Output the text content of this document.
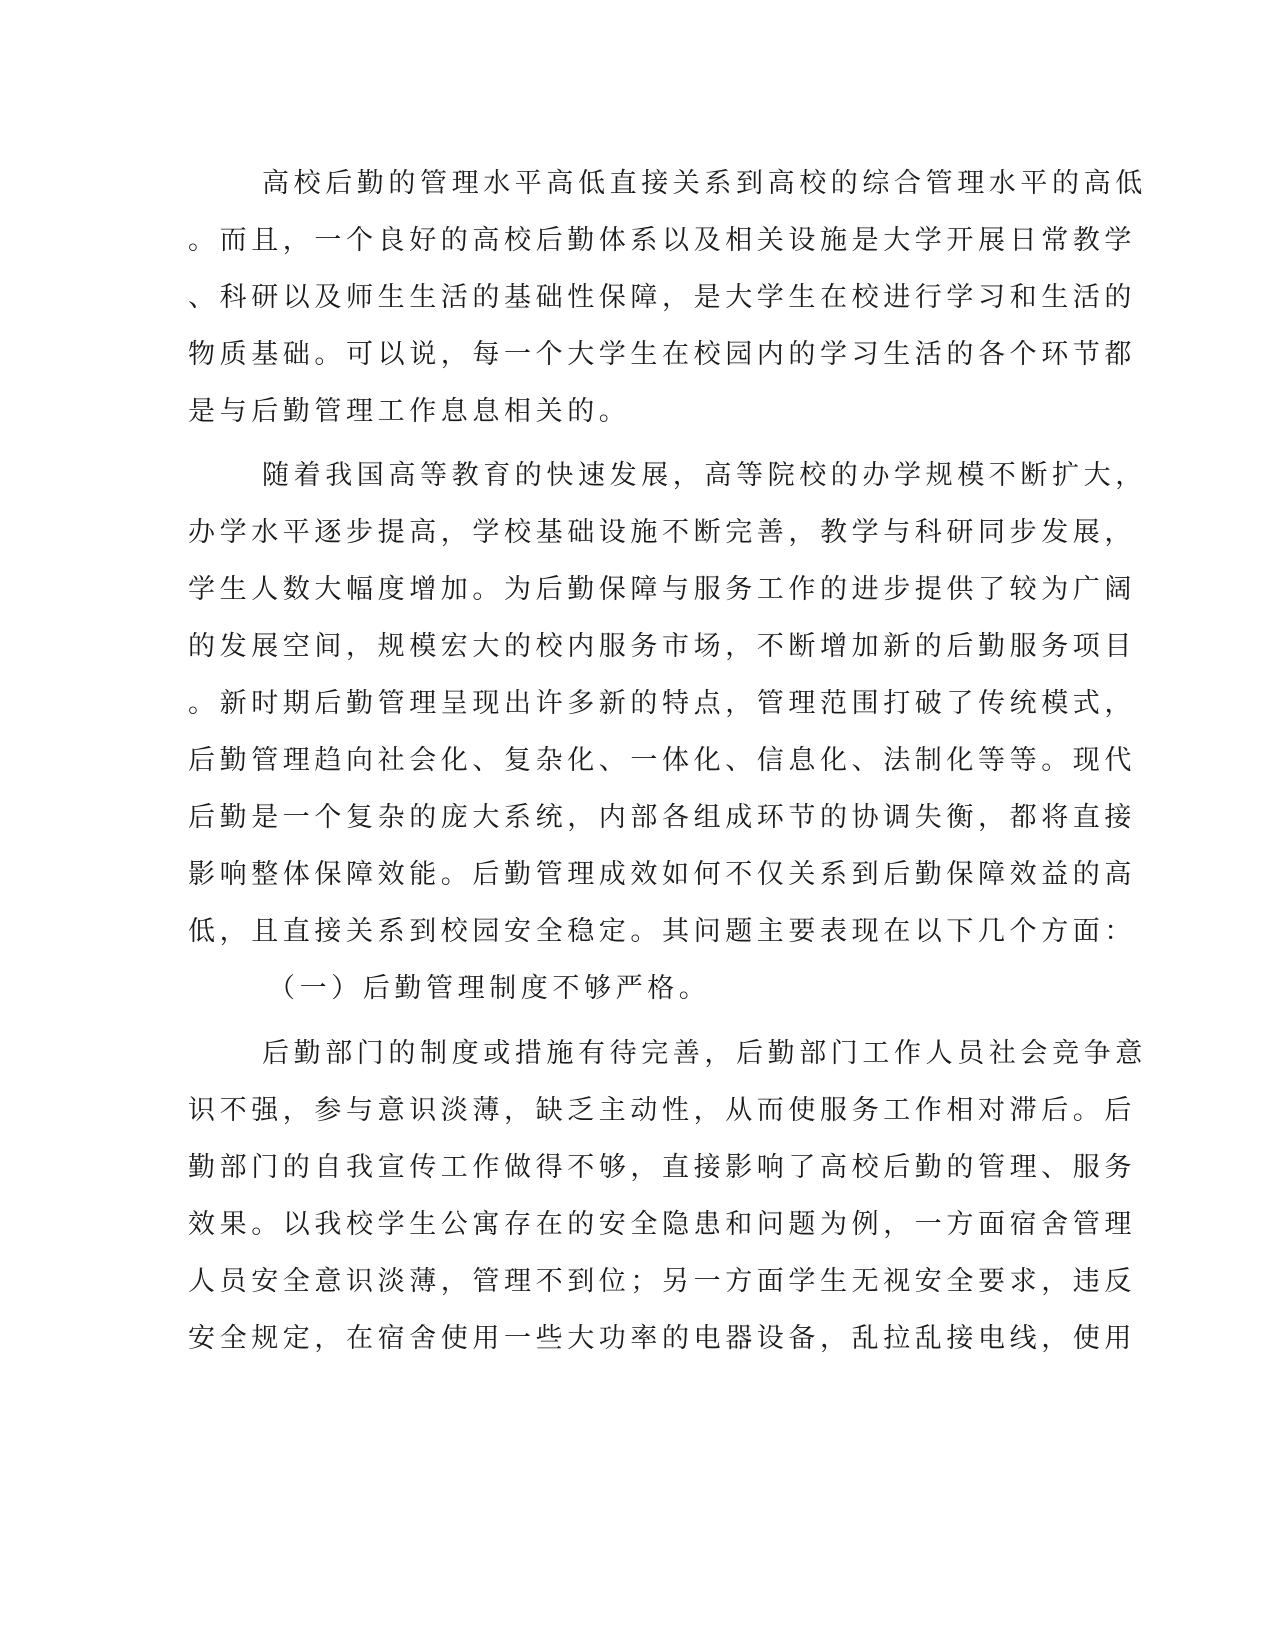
高校后勤的管理水平高低直接关系到高校的综合管理水平的高低
。而且，一个良好的高校后勤体系以及相关设施是大学开展日常教学
、科研以及师生生活的基础性保障，是大学生在校进行学习和生活的
物质基础。可以说，每一个大学生在校园内的学习生活的各个环节都
是与后勤管理工作息息相关的。
随着我国高等教育的快速发展，高等院校的办学规模不断扩大，
办学水平逐步提高，学校基础设施不断完善，教学与科研同步发展，
学生人数大幅度增加。为后勤保障与服务工作的进步提供了较为广阔
的发展空间，规模宏大的校内服务市场，不断增加新的后勤服务项目
。新时期后勤管理呈现出许多新的特点，管理范围打破了传统模式，
后勤管理趋向社会化、复杂化、一体化、信息化、法制化等等。现代
后勤是一个复杂的庞大系统，内部各组成环节的协调失衡，都将直接
影响整体保障效能。后勤管理成效如何不仅关系到后勤保障效益的高
低，且直接关系到校园安全稳定。其问题主要表现在以下几个方面：
（一）后勤管理制度不够严格。
后勤部门的制度或措施有待完善，后勤部门工作人员社会竞争意
识不强，参与意识淡薄，缺乏主动性，从而使服务工作相对滞后。后
勤部门的自我宣传工作做得不够，直接影响了高校后勤的管理、服务
效果。以我校学生公寓存在的安全隐患和问题为例，一方面宿舍管理
人员安全意识淡薄，管理不到位；另一方面学生无视安全要求，违反
安全规定，在宿舍使用一些大功率的电器设备，乱拉乱接电线，使用
